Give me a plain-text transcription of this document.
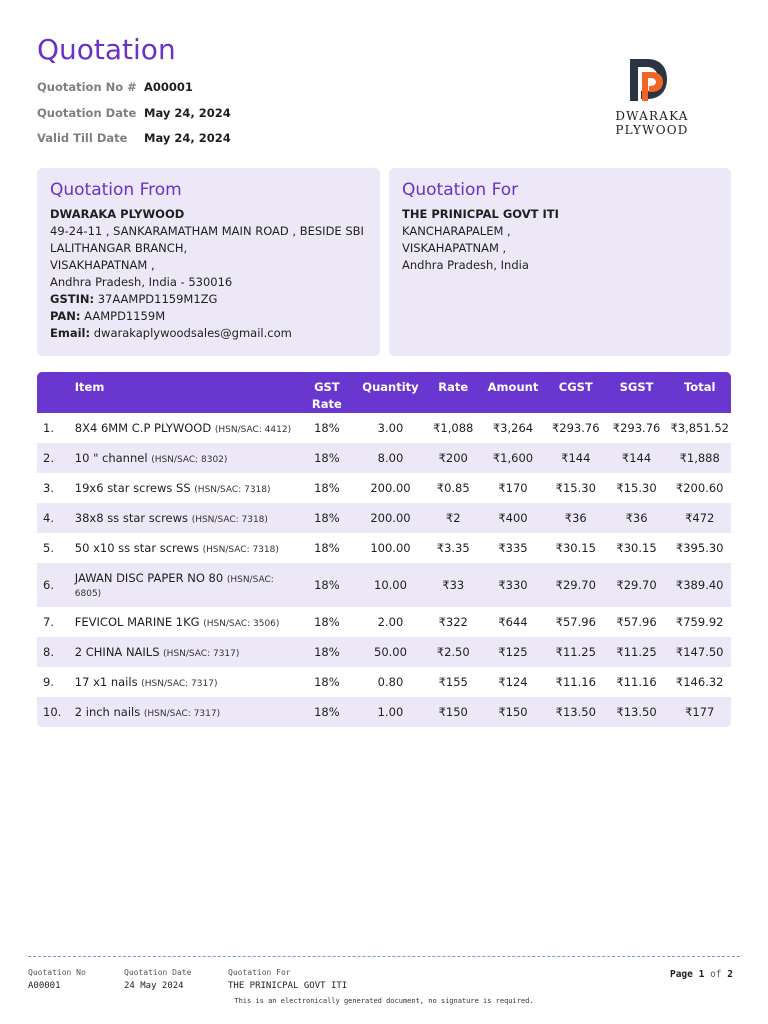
Quotation
Quotation No # A00001
Quotation Date May 24, 2024
Valid Till Date	May 24, 2024
DWARAKA PLYWOOD
Quotation From
DWARAKA PLYWOOD
49-24-11 , SANKARAMATHAM MAIN ROAD , BESIDE SBI
LALITHANGAR BRANCH,
VISAKHAPATNAM ,
Andhra Pradesh, India - 530016
GSTIN: 37AAMPD1159M1ZG
PAN: AAMPD1159M
Email: dwarakaplywoodsales@gmail.com
Quotation For
THE PRINICPAL GOVT ITI
KANCHARAPALEM ,
VISKAHAPATNAM ,
Andhra Pradesh, India
	Item	GST
Rate	Quantity	Rate	Amount	CGST	SGST	Total
1.	8X4 6MM C.P PLYWOOD (HSN/SAC: 4412)	18%	3.00	₹1,088	₹3,264	₹293.76	₹293.76	₹3,851.52
2.	10 " channel (HSN/SAC: 8302)	18%	8.00	₹200	₹1,600	₹144	₹144	₹1,888
3.	19x6 star screws SS (HSN/SAC: 7318)	18%	200.00	₹0.85	₹170	₹15.30	₹15.30	₹200.60
4.	38x8 ss star screws (HSN/SAC: 7318)	18%	200.00	₹2	₹400	₹36	₹36	₹472
5.	50 x10 ss star screws (HSN/SAC: 7318)	18%	100.00	₹3.35	₹335	₹30.15	₹30.15	₹395.30
6.	JAWAN DISC PAPER NO 80 (HSN/SAC: 6805)	18%	10.00	₹33	₹330	₹29.70	₹29.70	₹389.40
7.	FEVICOL MARINE 1KG (HSN/SAC: 3506)	18%	2.00	₹322	₹644	₹57.96	₹57.96	₹759.92
8.	2 CHINA NAILS (HSN/SAC: 7317)	18%	50.00	₹2.50	₹125	₹11.25	₹11.25	₹147.50
9.	17 x1 nails (HSN/SAC: 7317)	18%	0.80	₹155	₹124	₹11.16	₹11.16	₹146.32
10.	2 inch nails (HSN/SAC: 7317)	18%	1.00	₹150	₹150	₹13.50	₹13.50	₹177
Quotation No
A00001
Quotation Date
24 May 2024
Quotation For
THE PRINICPAL GOVT ITI
Page 1 of 2
This is an electronically generated document, no signature is required.
